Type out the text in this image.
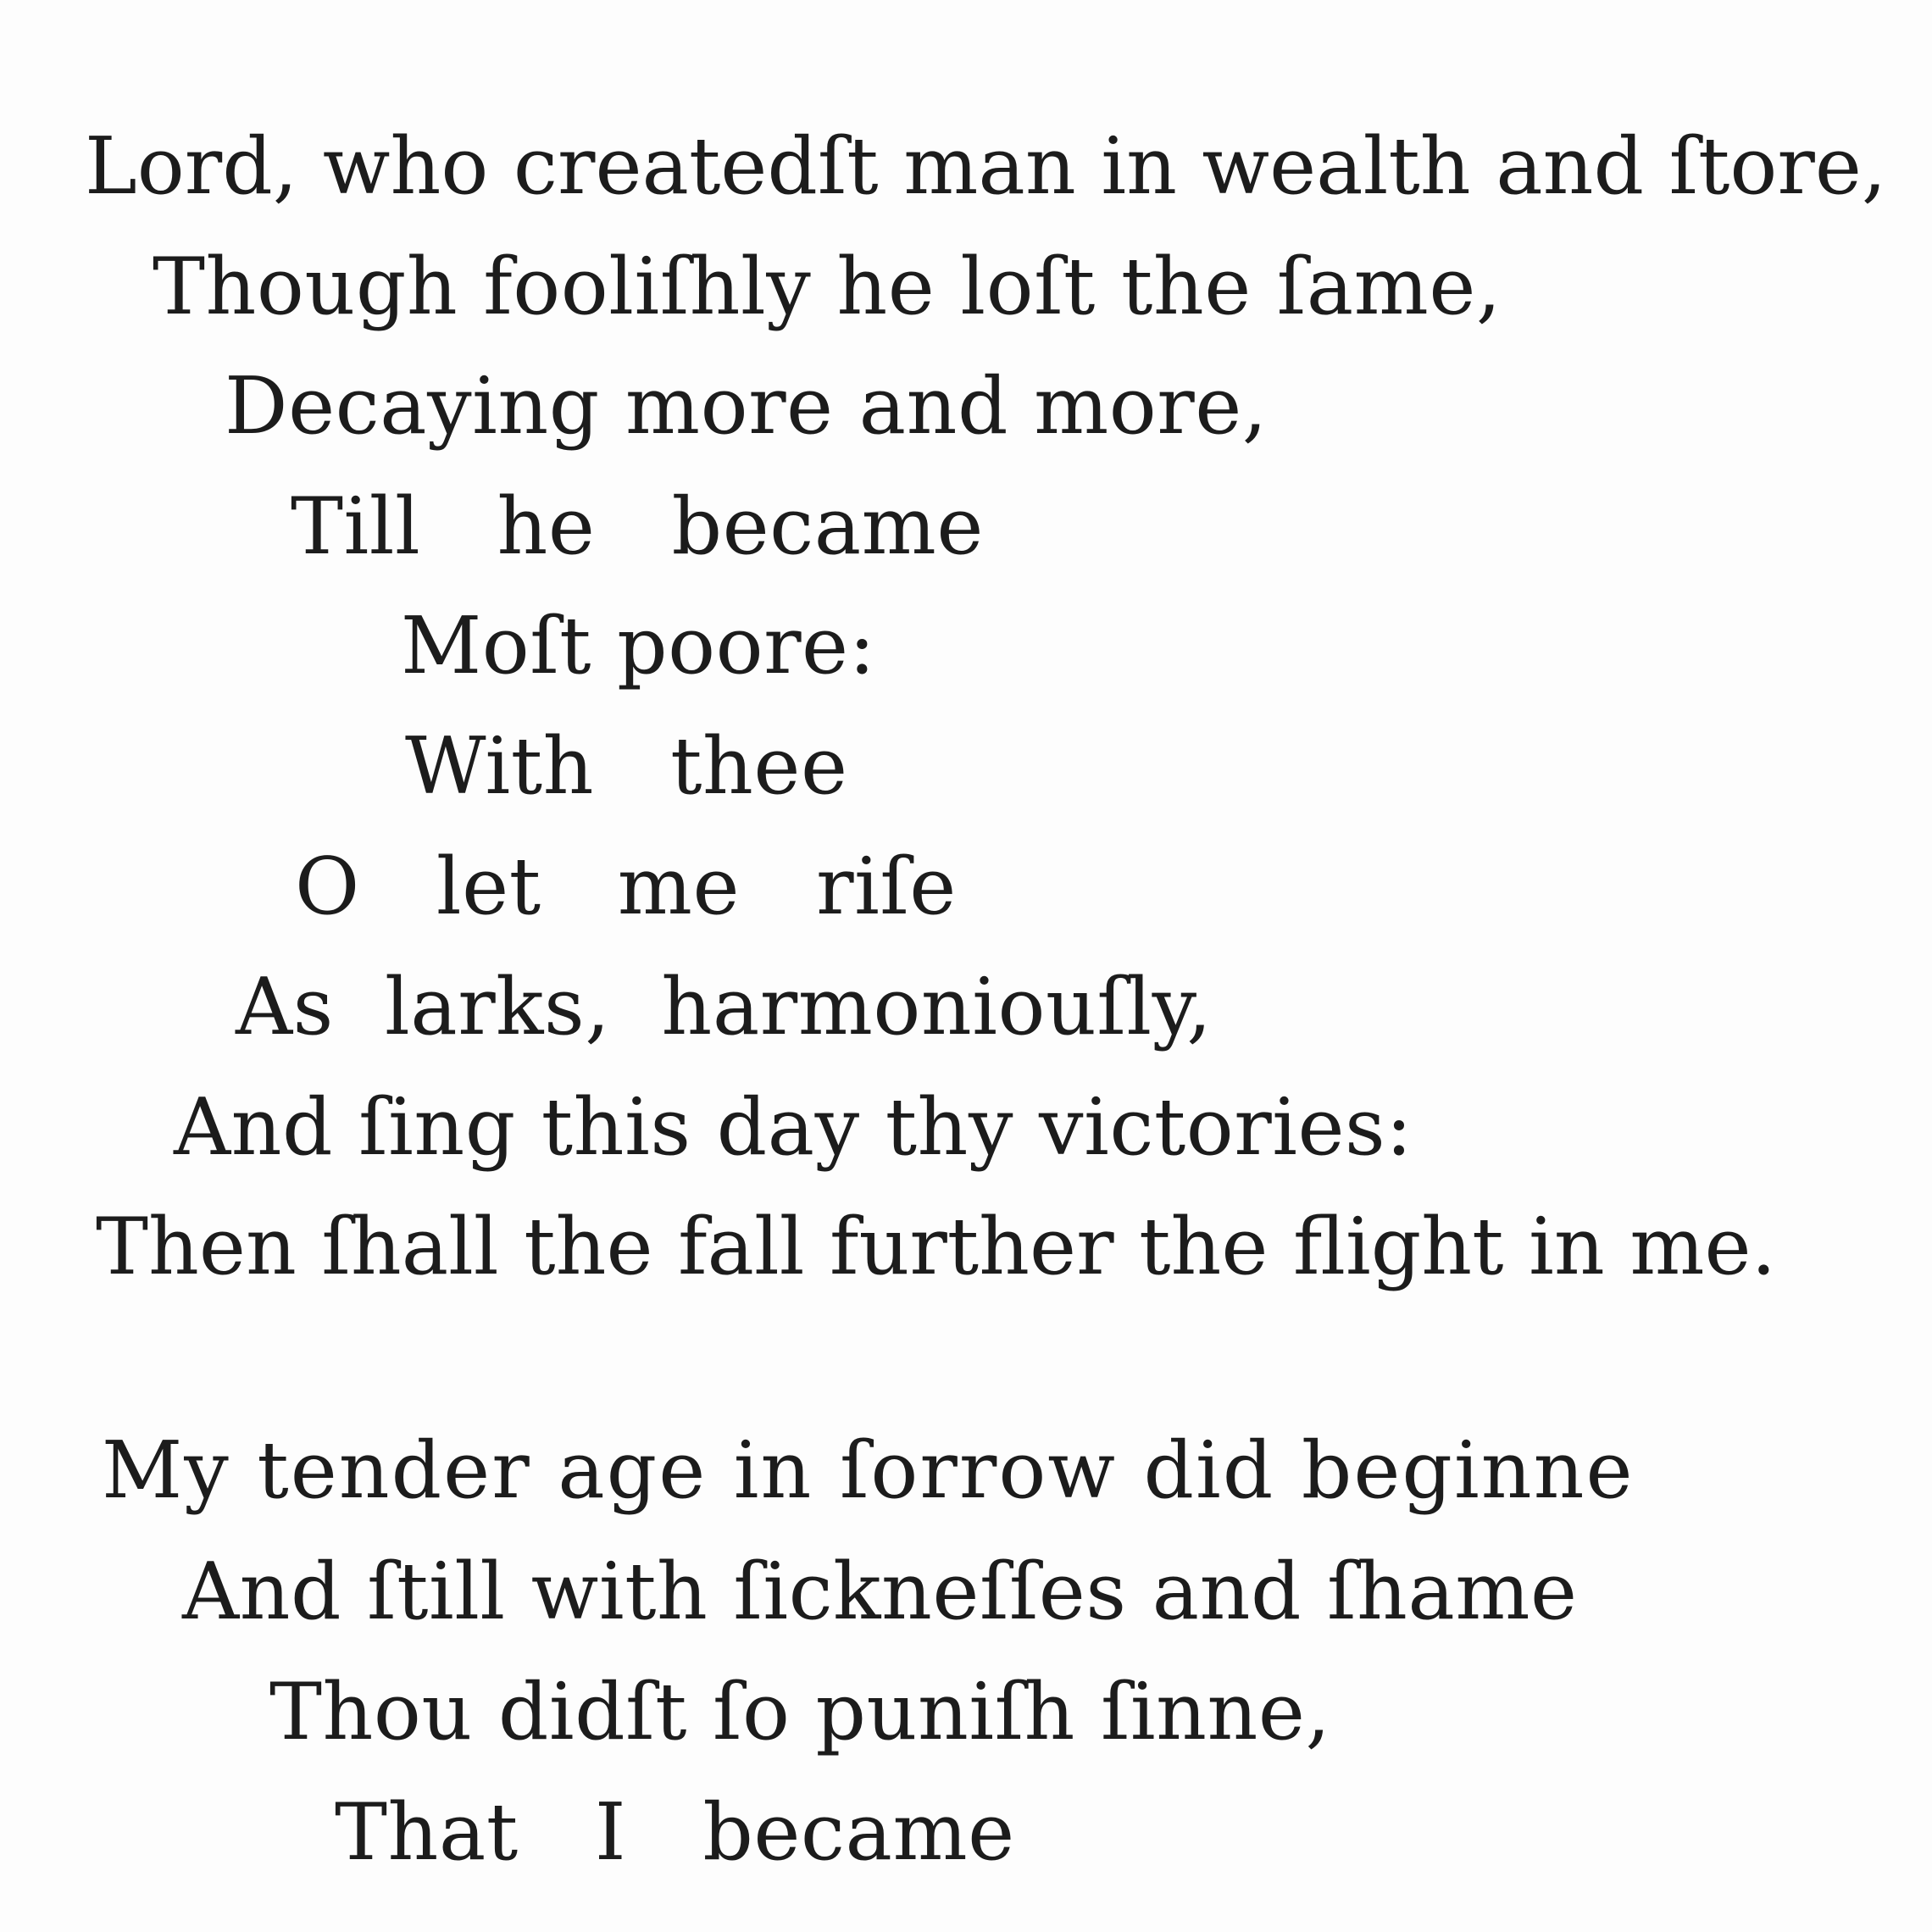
Lord, who createdſt man in wealth and ſtore,
Though fooliſhly he loſt the ſame,
Decaying more and more,
Till   he   became
Moſt poore:
With   thee
O   let   me   riſe
As  larks,  harmoniouſly,
And ſing this day thy victories:
Then ſhall the fall further the flight in me.
My tender age in ſorrow did beginne
And ſtill with ſickneſſes and ſhame
Thou didſt ſo puniſh ſinne,
That   I   became
